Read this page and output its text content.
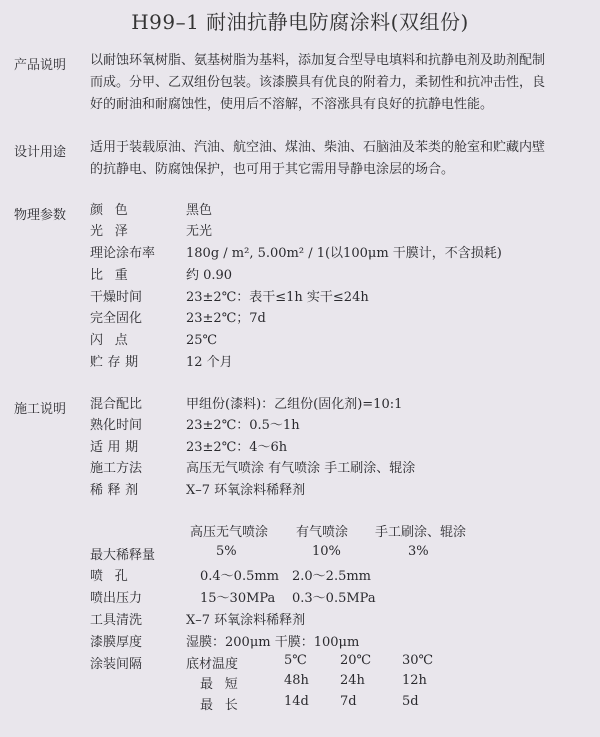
H99–1 耐油抗静电防腐涂料(双组份)
产品说明 以耐蚀环氧树脂、氨基树脂为基料，添加复合型导电填料和抗静电剂及助剂配制
而成。分甲、乙双组份包装。该漆膜具有优良的附着力，柔韧性和抗冲击性，良
好的耐油和耐腐蚀性，使用后不溶解，不溶涨具有良好的抗静电性能。
设计用途 适用于装载原油、汽油、航空油、煤油、柴油、石脑油及苯类的舱室和贮藏内壁
的抗静电、防腐蚀保护，也可用于其它需用导静电涂层的场合。
物理参数 颜色	黑色
光泽	无光
理论涂布率 180g / m², 5.00m² / 1(以100μm 干膜计，不含损耗)
比重	约 0.90
干燥时间	23±2℃：表干≤1h 实干≤24h
完全固化	23±2℃；7d
闪点	25℃
贮存期	12 个月
施工说明 混合配比	甲组份(漆料)：乙组份(固化剂)=10:1
熟化时间	23±2℃：0.5～1h
适用期	23±2℃：4～6h
施工方法	高压无气喷涂 有气喷涂 手工刷涂、辊涂
稀释剂	X–7 环氧涂料稀释剂
高压无气喷涂 有气喷涂 手工刷涂、辊涂
最大稀释量	5%	10%	3%
喷孔	0.4～0.5mm 2.0～2.5mm
喷出压力	15～30MPa 0.3～0.5MPa
工具清洗	X–7 环氧涂料稀释剂
漆膜厚度	湿膜：200μm 干膜：100μm
涂装间隔	底材温度	5℃	20℃ 30℃
最短	48h 24h	12h
最长	14d 7d	5d
